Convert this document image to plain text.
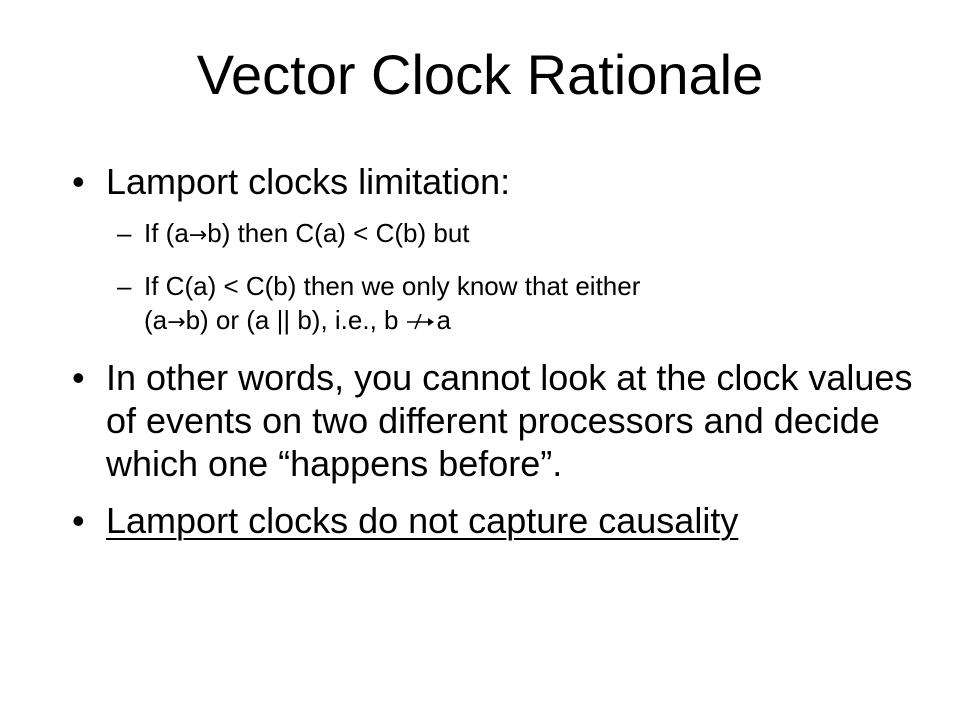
Vector Clock Rationale
• Lamport clocks limitation:
– If (a→b) then C(a) < C(b) but
– If C(a) < C(b) then we only know that either
(a→b) or (a || b), i.e., b a
• In other words, you cannot look at the clock values of events on two different processors and decide which one “happens before”.
• Lamport clocks do not capture causality
